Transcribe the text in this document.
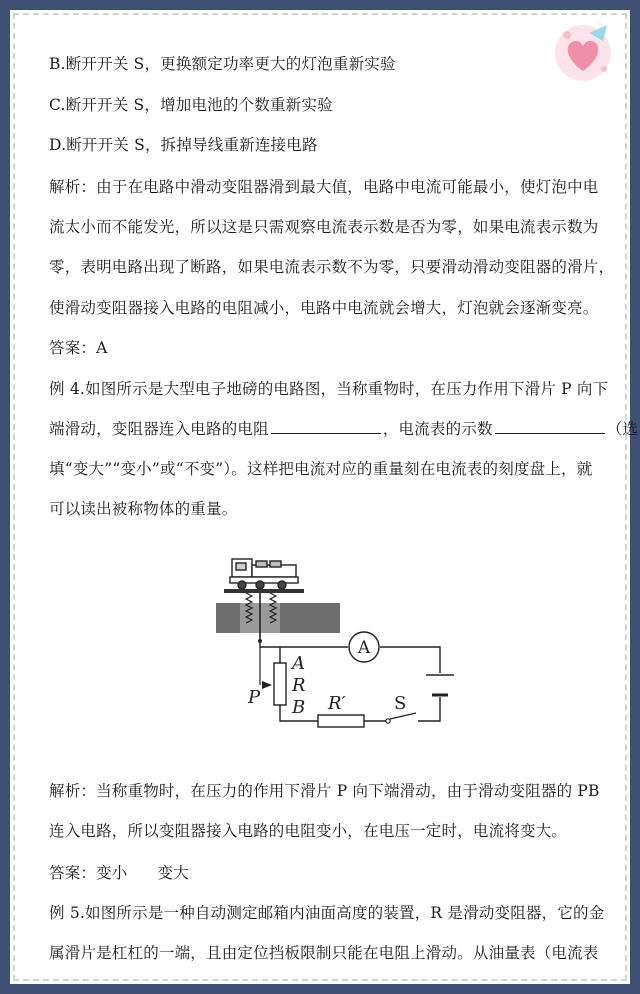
B.断开开关 S，更换额定功率更大的灯泡重新实验
C.断开开关 S，增加电池的个数重新实验
D.断开开关 S，拆掉导线重新连接电路
解析：由于在电路中滑动变阻器滑到最大值，电路中电流可能最小，使灯泡中电
流太小而不能发光，所以这是只需观察电流表示数是否为零，如果电流表示数为
零，表明电路出现了断路，如果电流表示数不为零，只要滑动滑动变阻器的滑片，
使滑动变阻器接入电路的电阻减小，电路中电流就会增大，灯泡就会逐渐变亮。
答案：A
例 4.如图所示是大型电子地磅的电路图，当称重物时，在压力作用下滑片 P 向下
端滑动，变阻器连入电路的电阻	，电流表的示数	（选
填“变大”“变小”或“不变”）。这样把电流对应的重量刻在电流表的刻度盘上，就
可以读出被称物体的重量。
A
A
R
B
P	R′	S
解析：当称重物时，在压力的作用下滑片 P 向下端滑动，由于滑动变阻器的 PB
连入电路，所以变阻器接入电路的电阻变小，在电压一定时，电流将变大。
答案：变小 变大
例 5.如图所示是一种自动测定邮箱内油面高度的装置，R 是滑动变阻器，它的金
属滑片是杠杠的一端，且由定位挡板限制只能在电阻上滑动。从油量表（电流表
